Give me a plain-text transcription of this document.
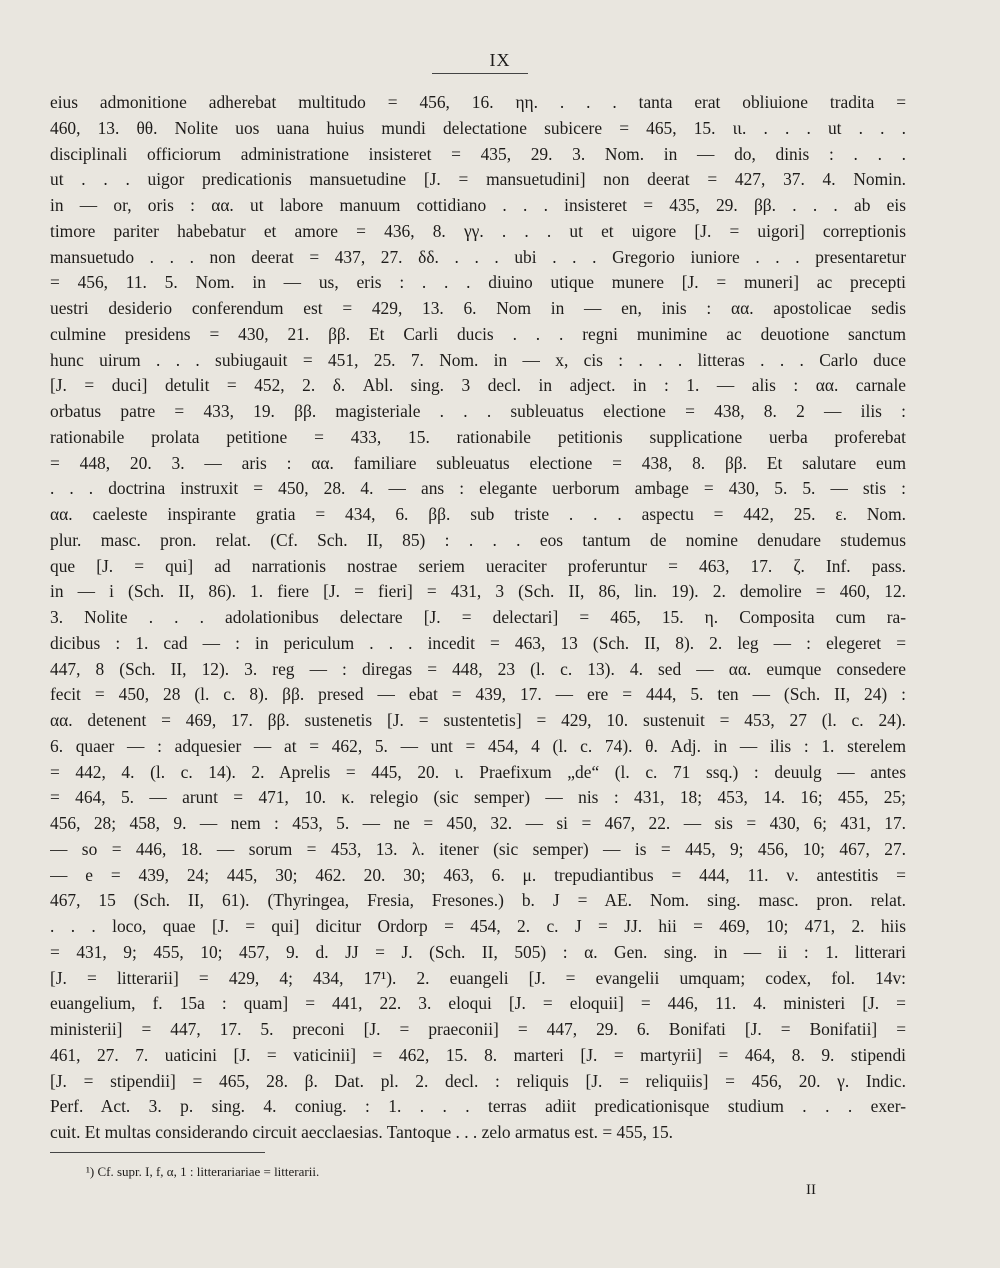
IX
eius admonitione adherebat multitudo = 456, 16. ηη. . . . tanta erat obliuione tradita =
460, 13. θθ. Nolite uos uana huius mundi delectatione subicere = 465, 15. ιι. . . . ut . . .
disciplinali officiorum administratione insisteret = 435, 29. 3. Nom. in — do, dinis : . . .
ut . . . uigor predicationis mansuetudine [J. = mansuetudini] non deerat = 427, 37. 4. Nomin.
in — or, oris : αα. ut labore manuum cottidiano . . . insisteret = 435, 29. ββ. . . . ab eis
timore pariter habebatur et amore = 436, 8. γγ. . . . ut et uigore [J. = uigori] correptionis
mansuetudo . . . non deerat = 437, 27. δδ. . . . ubi . . . Gregorio iuniore . . . presentaretur
= 456, 11. 5. Nom. in — us, eris : . . . diuino utique munere [J. = muneri] ac precepti
uestri desiderio conferendum est = 429, 13. 6. Nom in — en, inis : αα. apostolicae sedis
culmine presidens = 430, 21. ββ. Et Carli ducis . . . regni munimine ac deuotione sanctum
hunc uirum . . . subiugauit = 451, 25. 7. Nom. in — x, cis : . . . litteras . . . Carlo duce
[J. = duci] detulit = 452, 2. δ. Abl. sing. 3 decl. in adject. in : 1. — alis : αα. carnale
orbatus patre = 433, 19. ββ. magisteriale . . . subleuatus electione = 438, 8. 2 — ilis :
rationabile prolata petitione = 433, 15. rationabile petitionis supplicatione uerba proferebat
= 448, 20. 3. — aris : αα. familiare subleuatus electione = 438, 8. ββ. Et salutare eum
. . . doctrina instruxit = 450, 28. 4. — ans : elegante uerborum ambage = 430, 5. 5. — stis :
αα. caeleste inspirante gratia = 434, 6. ββ. sub triste . . . aspectu = 442, 25. ε. Nom.
plur. masc. pron. relat. (Cf. Sch. II, 85) : . . . eos tantum de nomine denudare studemus
que [J. = qui] ad narrationis nostrae seriem ueraciter proferuntur = 463, 17. ζ. Inf. pass.
in — i (Sch. II, 86). 1. fiere [J. = fieri] = 431, 3 (Sch. II, 86, lin. 19). 2. demolire = 460, 12.
3. Nolite . . . adolationibus delectare [J. = delectari] = 465, 15. η. Composita cum ra-
dicibus : 1. cad — : in periculum . . . incedit = 463, 13 (Sch. II, 8). 2. leg — : elegeret =
447, 8 (Sch. II, 12). 3. reg — : diregas = 448, 23 (l. c. 13). 4. sed — αα. eumque consedere
fecit = 450, 28 (l. c. 8). ββ. presed — ebat = 439, 17. — ere = 444, 5. ten — (Sch. II, 24) :
αα. detenent = 469, 17. ββ. sustenetis [J. = sustentetis] = 429, 10. sustenuit = 453, 27 (l. c. 24).
6. quaer — : adquesier — at = 462, 5. — unt = 454, 4 (l. c. 74). θ. Adj. in — ilis : 1. sterelem
= 442, 4. (l. c. 14). 2. Aprelis = 445, 20. ι. Praefixum „de“ (l. c. 71 ssq.) : deuulg — antes
= 464, 5. — arunt = 471, 10. κ. relegio (sic semper) — nis : 431, 18; 453, 14. 16; 455, 25;
456, 28; 458, 9. — nem : 453, 5. — ne = 450, 32. — si = 467, 22. — sis = 430, 6; 431, 17.
— so = 446, 18. — sorum = 453, 13. λ. itener (sic semper) — is = 445, 9; 456, 10; 467, 27.
— e = 439, 24; 445, 30; 462. 20. 30; 463, 6. μ. trepudiantibus = 444, 11. ν. antestitis =
467, 15 (Sch. II, 61). (Thyringea, Fresia, Fresones.) b. J = AE. Nom. sing. masc. pron. relat.
. . . loco, quae [J. = qui] dicitur Ordorp = 454, 2. c. J = JJ. hii = 469, 10; 471, 2. hiis
= 431, 9; 455, 10; 457, 9. d. JJ = J. (Sch. II, 505) : α. Gen. sing. in — ii : 1. litterari
[J. = litterarii] = 429, 4; 434, 17¹). 2. euangeli [J. = evangelii umquam; codex, fol. 14v:
euangelium, f. 15a : quam] = 441, 22. 3. eloqui [J. = eloquii] = 446, 11. 4. ministeri [J. =
ministerii] = 447, 17. 5. preconi [J. = praeconii] = 447, 29. 6. Bonifati [J. = Bonifatii] =
461, 27. 7. uaticini [J. = vaticinii] = 462, 15. 8. marteri [J. = martyrii] = 464, 8. 9. stipendi
[J. = stipendii] = 465, 28. β. Dat. pl. 2. decl. : reliquis [J. = reliquiis] = 456, 20. γ. Indic.
Perf. Act. 3. p. sing. 4. coniug. : 1. . . . terras adiit predicationisque studium . . . exer-
cuit. Et multas considerando circuit aecclaesias. Tantoque . . . zelo armatus est. = 455, 15.
¹) Cf. supr. I, f, α, 1 : litterariariae = litterarii.
II
